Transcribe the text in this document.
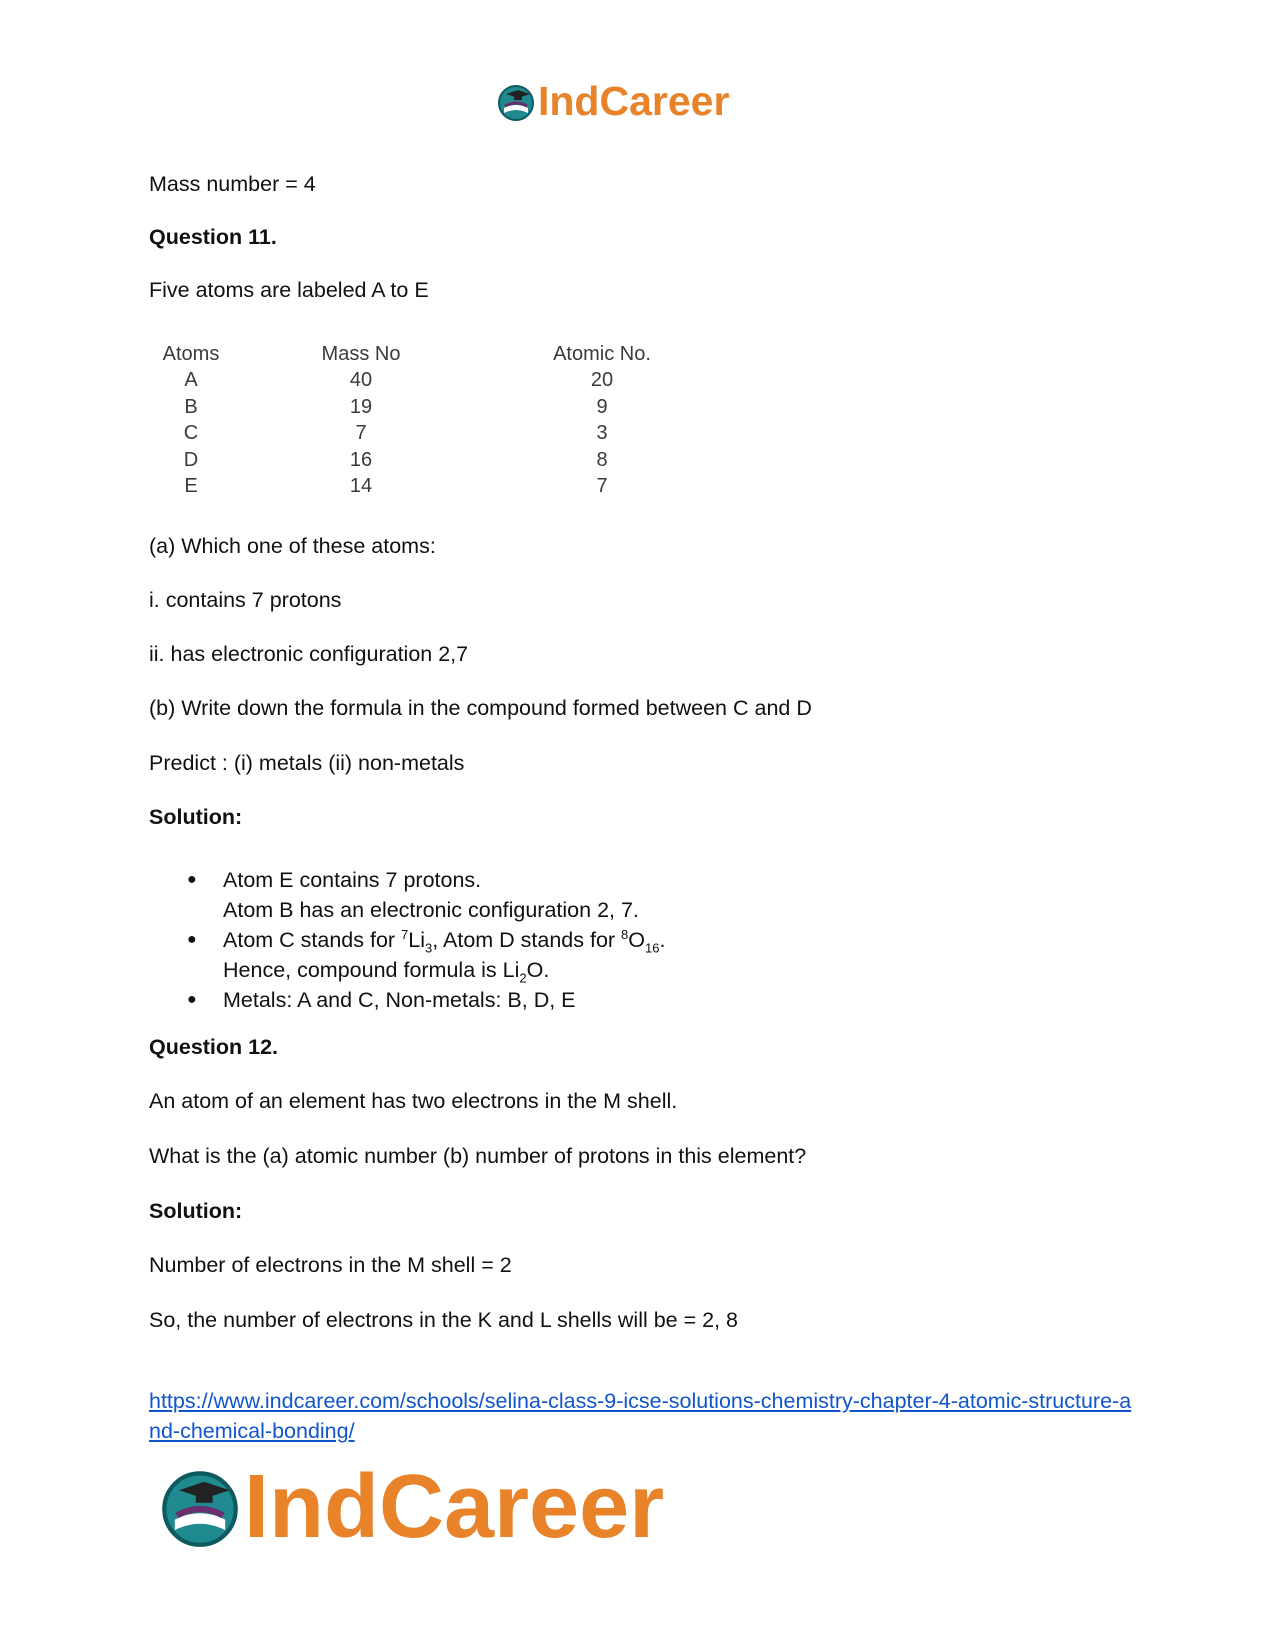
IndCareer
Mass number = 4
Question 11.
Five atoms are labeled A to E
Atoms	Mass No	Atomic No.
A	40	20
B	19	9
C	7	3
D	16	8
E	14	7
(a) Which one of these atoms:
i. contains 7 protons
ii. has electronic configuration 2,7
(b) Write down the formula in the compound formed between C and D
Predict : (i) metals (ii) non-metals
Solution:
● Atom E contains 7 protons.
Atom B has an electronic configuration 2, 7.
● Atom C stands for $^7Li_3$, Atom D stands for $^8O_{16}$.
Hence, compound formula is $Li_2O$.
● Metals: A and C, Non-metals: B, D, E
Question 12.
An atom of an element has two electrons in the M shell.
What is the (a) atomic number (b) number of protons in this element?
Solution:
Number of electrons in the M shell = 2
So, the number of electrons in the K and L shells will be = 2, 8
https://www.indcareer.com/schools/selina-class-9-icse-solutions-chemistry-chapter-4-atomic-structure-and-chemical-bonding/
IndCareer
